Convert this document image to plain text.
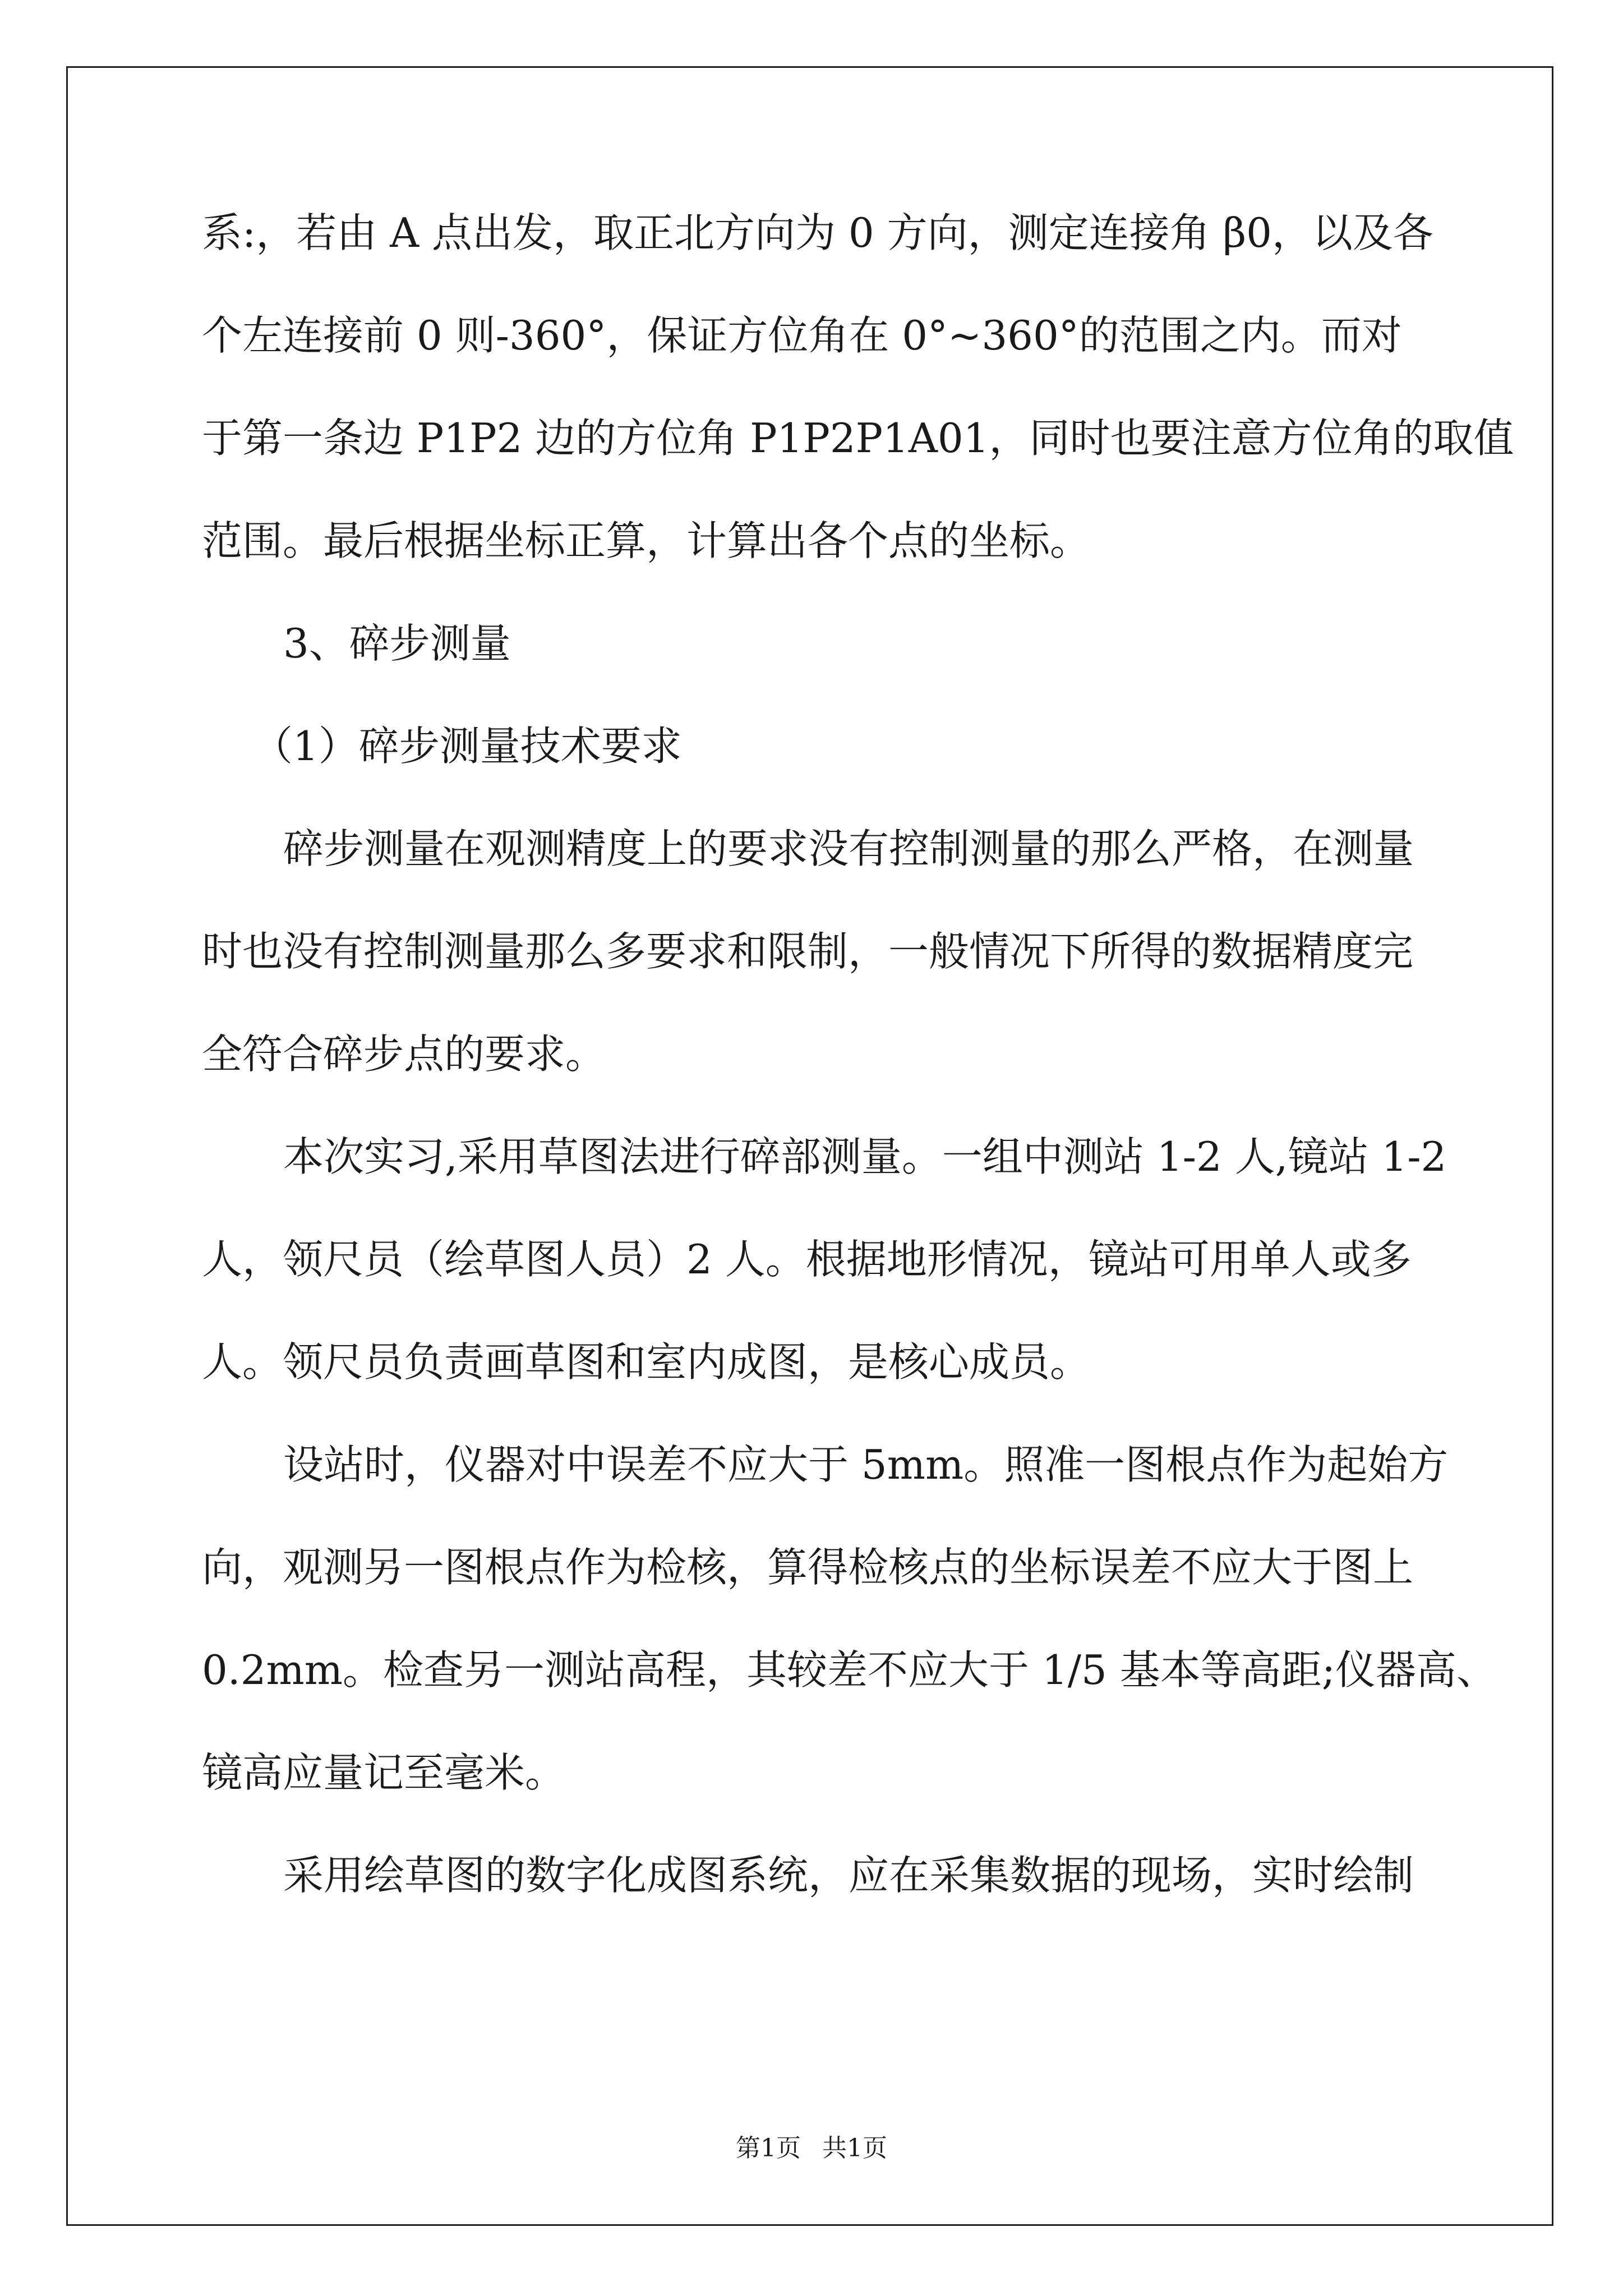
系:，若由 A 点出发，取正北方向为 0 方向，测定连接角 β0，以及各
个左连接前 0 则-360°，保证方位角在 0°~360°的范围之内。而对
于第一条边 P1P2 边的方位角 P1P2P1A01，同时也要注意方位角的取值
范围。最后根据坐标正算，计算出各个点的坐标。
3、碎步测量
（1）碎步测量技术要求
碎步测量在观测精度上的要求没有控制测量的那么严格，在测量
时也没有控制测量那么多要求和限制，一般情况下所得的数据精度完
全符合碎步点的要求。
本次实习,采用草图法进行碎部测量。一组中测站 1-2 人,镜站 1-2
人，领尺员（绘草图人员）2 人。根据地形情况，镜站可用单人或多
人。领尺员负责画草图和室内成图，是核心成员。
设站时，仪器对中误差不应大于 5mm。照准一图根点作为起始方
向，观测另一图根点作为检核，算得检核点的坐标误差不应大于图上
0.2mm。检查另一测站高程，其较差不应大于 1/5 基本等高距;仪器高、
镜高应量记至毫米。
采用绘草图的数字化成图系统，应在采集数据的现场，实时绘制
第1页 共1页
